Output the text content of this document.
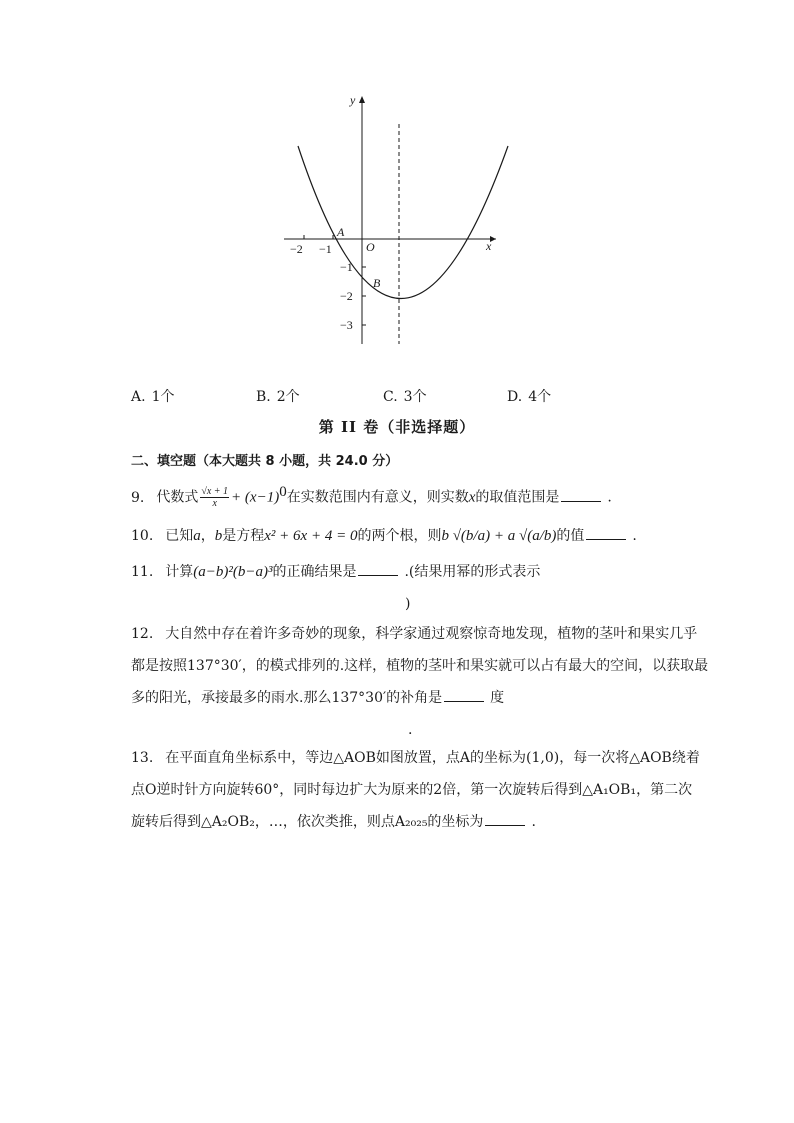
y
x
O
A
B
−2 −1
−1
−2
−3
A. 1个	B. 2个	C. 3个	D. 4个
第 II 卷（非选择题）
二、填空题（本大题共 8 小题，共 24.0 分）
9. 代数式 $\frac{√x + 1}{x} + (x-1)^0$在实数范围内有意义，则实数x的取值范围是	.
10. 已知a，b是方程x² + 6x + 4 = 0的两个根，则b √(b/a) + a √(a/b)的值	.
11. 计算(a−b)²(b−a)³的正确结果是	.(结果用幂的形式表示
)
12. 大自然中存在着许多奇妙的现象，科学家通过观察惊奇地发现，植物的茎叶和果实几乎
都是按照137°30′，的模式排列的.这样，植物的茎叶和果实就可以占有最大的空间，以获取最
多的阳光，承接最多的雨水.那么137°30′的补角是	度
.
13. 在平面直角坐标系中，等边△AOB如图放置，点A的坐标为(1,0)，每一次将△AOB绕着
点O逆时针方向旋转60°，同时每边扩大为原来的2倍，第一次旋转后得到△A₁OB₁，第二次
旋转后得到△A₂OB₂，…，依次类推，则点A₂₀₂₅的坐标为	.
